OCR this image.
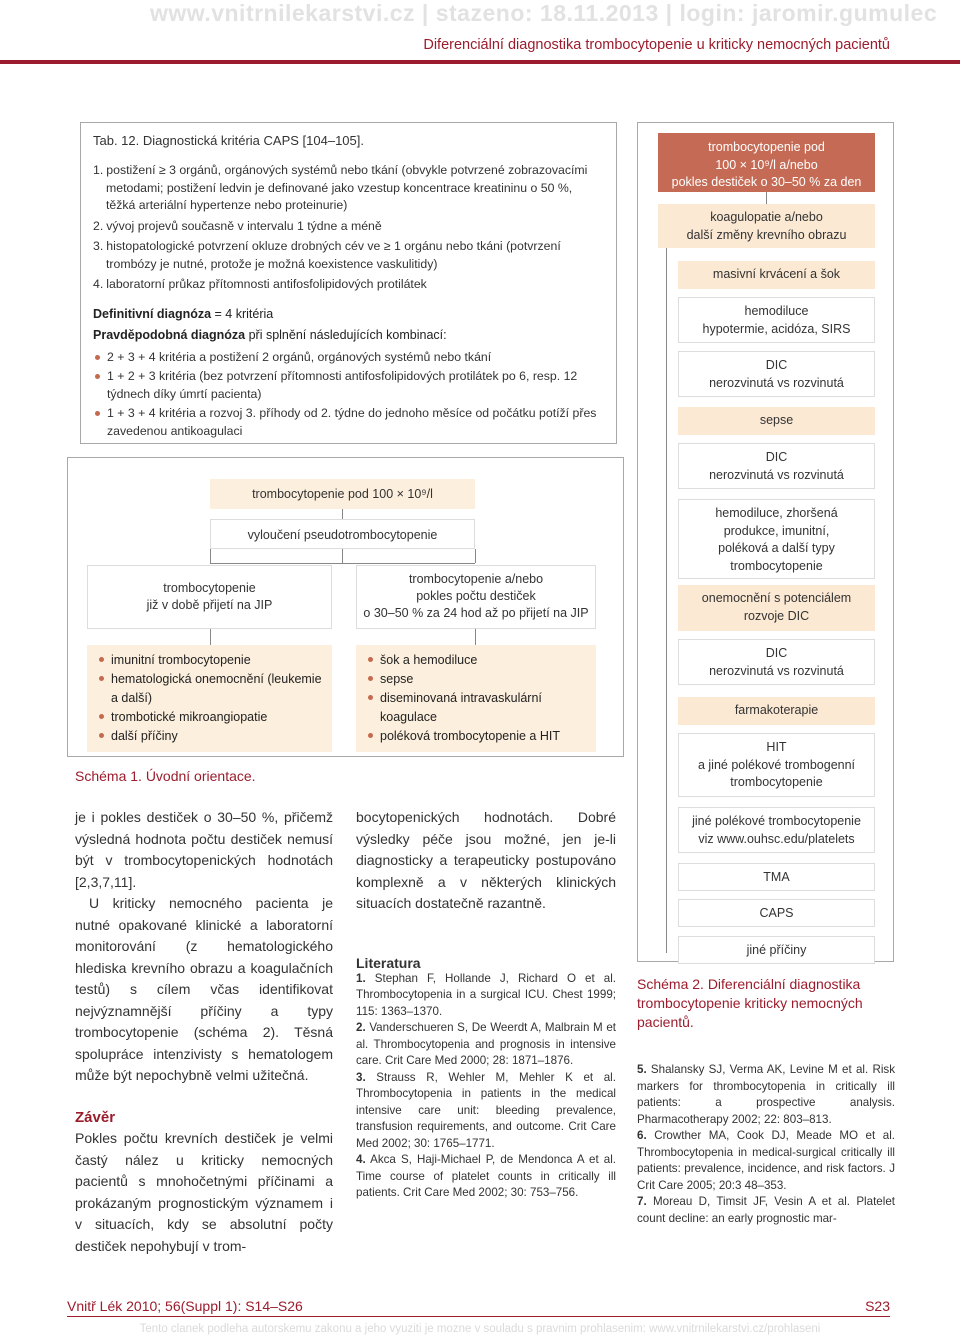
www.vnitrnilekarstvi.cz | stazeno: 18.11.2013 | login: jaromir.gumulec
Diferenciální diagnostika trombocytopenie u kriticky nemocných pacientů
Tab. 12. Diagnostická kritéria CAPS [104–105].
1. postižení ≥ 3 orgánů, orgánových systémů nebo tkání (obvykle potvrzené zobrazovacími metodami; postižení ledvin je definované jako vzestup koncentrace kreatininu o 50 %, těžká arteriální hypertenze nebo proteinurie)
2. vývoj projevů současně v intervalu 1 týdne a méně
3. histopatologické potvrzení okluze drobných cév ve ≥ 1 orgánu nebo tkáni (potvrzení trombózy je nutné, protože je možná koexistence vaskulitidy)
4. laboratorní průkaz přítomnosti antifosfolipidových protilátek
Definitivní diagnóza = 4 kritéria
Pravděpodobná diagnóza při splnění následujících kombinací:
2 + 3 + 4 kritéria a postižení 2 orgánů, orgánových systémů nebo tkání
1 + 2 + 3 kritéria (bez potvrzení přítomnosti antifosfolipidových protilátek po 6, resp. 12 týdnech díky úmrtí pacienta)
1 + 3 + 4 kritéria a rozvoj 3. příhody od 2. týdne do jednoho měsíce od počátku potíží přes zavedenou antikoagulaci
trombocytopenie pod 100 × 10⁹/l
vyloučení pseudotrombocytopenie
trombocytopenie
již v době přijetí na JIP
trombocytopenie a/nebo
pokles počtu destiček
o 30–50 % za 24 hod až po přijetí na JIP
imunitní trombocytopenie
hematologická onemocnění (leukemie a další)
trombotické mikroangiopatie
další příčiny
šok a hemodiluce
sepse
diseminovaná intravaskulární koagulace
poléková trombocytopenie a HIT
Schéma 1. Úvodní orientace.

je i pokles destiček o 30–50 %, přičemž výsledná hodnota počtu destiček nemusí být v trombocytopenických hodnotách [2,3,7,11].

U kriticky nemocného pacienta je nutné opakované klinické a laboratorní monitorování (z hematologického hlediska krevního obrazu a koagulačních testů) s cílem včas identifikovat nejvýznamnější příčiny a typy trombocytopenie (schéma 2). Těsná spolupráce intenzivisty s hematologem může být nepochybně velmi užitečná.

Závěr

Pokles počtu krevních destiček je velmi častý nález u kriticky nemocných pacientů s mnohočetnými příčinami a prokázaným prognostickým významem i v situacích, kdy se absolutní počty destiček nepohybují v trom-

bocytopenických hodnotách. Dobré výsledky péče jsou možné, jen je-li diagnosticky a terapeuticky postupováno komplexně a v některých klinických situacích dostatečně razantně.

Literatura

1. Stephan F, Hollande J, Richard O et al. Thrombocytopenia in a surgical ICU. Chest 1999; 115: 1363–1370.

2. Vanderschueren S, De Weerdt A, Malbrain M et al. Thrombocytopenia and prognosis in intensive care. Crit Care Med 2000; 28: 1871–1876.

3. Strauss R, Wehler M, Mehler K et al. Thrombocytopenia in patients in the medical intensive care unit: bleeding prevalence, transfusion requirements, and outcome. Crit Care Med 2002; 30: 1765–1771.

4. Akca S, Haji-Michael P, de Mendonca A et al. Time course of platelet counts in critically ill patients. Crit Care Med 2002; 30: 753–756.

trombocytopenie pod
100 × 10⁹/l a/nebo
pokles destiček o 30–50 % za den
koagulopatie a/nebo
další změny krevního obrazu
masivní krvácení a šok
hemodiluce
hypotermie, acidóza, SIRS
DIC
nerozvinutá vs rozvinutá
sepse
DIC
nerozvinutá vs rozvinutá
hemodiluce, zhoršená
produkce, imunitní,
poléková a další typy
trombocytopenie
onemocnění s potenciálem
rozvoje DIC
DIC
nerozvinutá vs rozvinutá
farmakoterapie
HIT
a jiné polékové trombogenní
trombocytopenie
jiné polékové trombocytopenie
viz www.ouhsc.edu/platelets
TMA
CAPS
jiné příčiny
Schéma 2. Diferenciální diagnostika trombocytopenie kriticky nemocných pacientů.

5. Shalansky SJ, Verma AK, Levine M et al. Risk markers for thrombocytopenia in critically ill patients: a prospective analysis. Pharmacotherapy 2002; 22: 803–813.

6. Crowther MA, Cook DJ, Meade MO et al. Thrombocytopenia in medical-surgical critically ill patients: prevalence, incidence, and risk factors. J Crit Care 2005; 20:3 48–353.

7. Moreau D, Timsit JF, Vesin A et al. Platelet count decline: an early prognostic mar-

Vnitř Lék 2010; 56(Suppl 1): S14–S26	S23
Tento clanek podleha autorskemu zakonu a jeho vyuziti je mozne v souladu s pravnim prohlasenim: www.vnitrnilekarstvi.cz/prohlaseni
